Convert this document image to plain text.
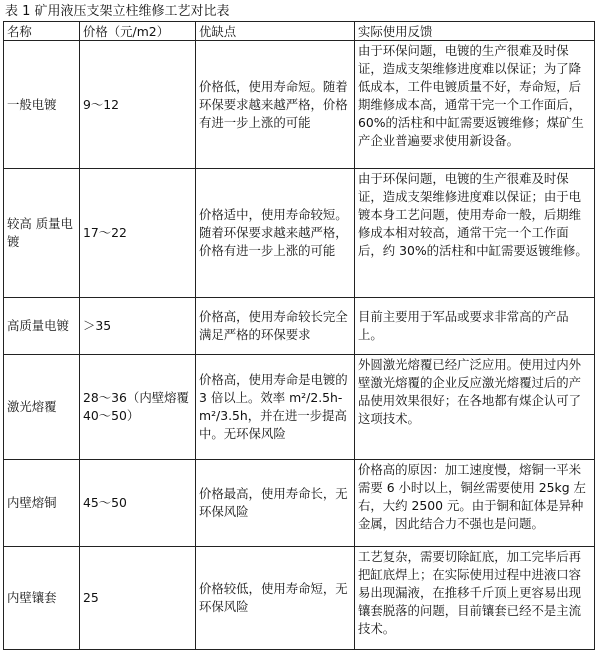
表 1 矿用液压支架立柱维修工艺对比表
名称	价格（元/m2）	优缺点	实际使用反馈
一般电镀	9～12	价格低，使用寿命短。随着环保要求越来越严格，价格有进一步上涨的可能	由于环保问题，电镀的生产很难及时保证，造成支架维修进度难以保证；为了降低成本，工件电镀质量不好，寿命短，后期维修成本高，通常干完一个工作面后，60%的活柱和中缸需要返镀维修；煤矿生产企业普遍要求使用新设备。
较高 质量电镀	17～22	价格适中，使用寿命较短。随着环保要求越来越严格，价格有进一步上涨的可能	由于环保问题，电镀的生产很难及时保证，造成支架维修进度难以保证；由于电镀本身工艺问题，使用寿命一般，后期维修成本相对较高，通常干完一个工作面后，约 30%的活柱和中缸需要返镀维修。
高质量电镀	＞35	价格高，使用寿命较长完全满足严格的环保要求	目前主要用于军品或要求非常高的产品上。
激光熔覆	28～36（内壁熔覆 40～50）	价格高，使用寿命是电镀的 3 倍以上。效率 m²/2.5h-m²/3.5h，并在进一步提高中。无环保风险	外圆激光熔覆已经广泛应用。使用过内外壁激光熔覆的企业反应激光熔覆过后的产品使用效果很好；在各地都有煤企认可了这项技术。
内壁熔铜	45～50	价格最高，使用寿命长，无环保风险	价格高的原因：加工速度慢，熔铜一平米需要 6 小时以上，铜丝需要使用 25kg 左右，大约 2500 元。由于铜和缸体是异种金属，因此结合力不强也是问题。
内壁镶套	25	价格较低，使用寿命短，无环保风险	工艺复杂，需要切除缸底，加工完毕后再把缸底焊上；在实际使用过程中进液口容易出现漏液，在推移千斤顶上更容易出现镶套脱落的问题，目前镶套已经不是主流技术。
